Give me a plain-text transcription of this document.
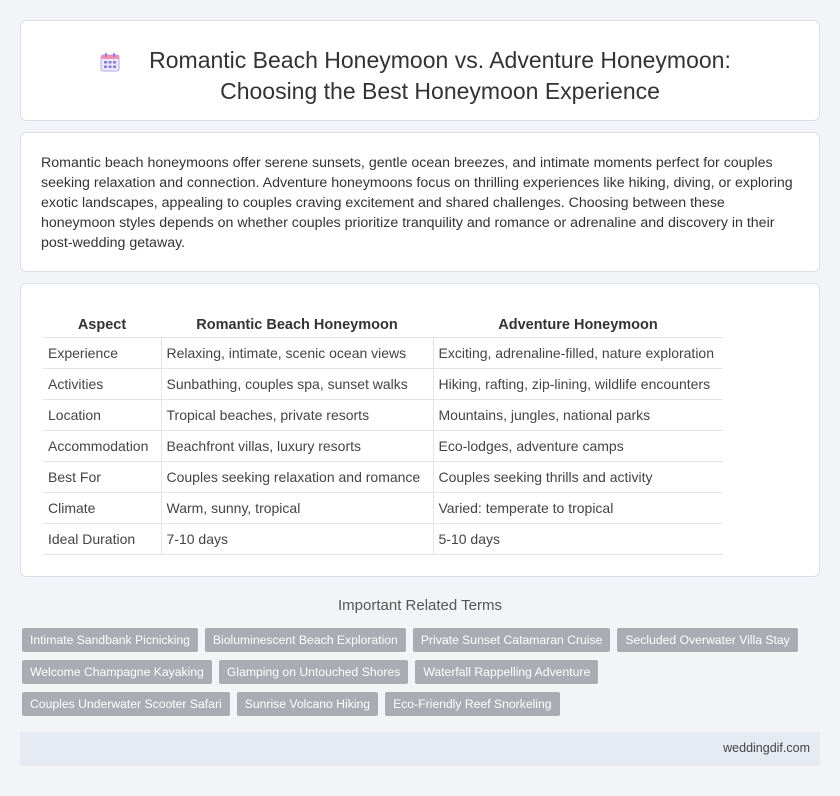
Romantic Beach Honeymoon vs. Adventure Honeymoon:
Choosing the Best Honeymoon Experience

Romantic beach honeymoons offer serene sunsets, gentle ocean breezes, and intimate moments perfect for couples seeking relaxation and connection. Adventure honeymoons focus on thrilling experiences like hiking, diving, or exploring exotic landscapes, appealing to couples craving excitement and shared challenges. Choosing between these honeymoon styles depends on whether couples prioritize tranquility and romance or adrenaline and discovery in their post-wedding getaway.

Aspect	Romantic Beach Honeymoon	Adventure Honeymoon
Experience	Relaxing, intimate, scenic ocean views	Exciting, adrenaline-filled, nature exploration
Activities	Sunbathing, couples spa, sunset walks	Hiking, rafting, zip-lining, wildlife encounters
Location	Tropical beaches, private resorts	Mountains, jungles, national parks
Accommodation	Beachfront villas, luxury resorts	Eco-lodges, adventure camps
Best For	Couples seeking relaxation and romance	Couples seeking thrills and activity
Climate	Warm, sunny, tropical	Varied: temperate to tropical
Ideal Duration	7-10 days	5-10 days
Important Related Terms
Intimate Sandbank Picnicking	Bioluminescent Beach Exploration	Private Sunset Catamaran Cruise	Secluded Overwater Villa Stay
Welcome Champagne Kayaking	Glamping on Untouched Shores	Waterfall Rappelling Adventure
Couples Underwater Scooter Safari	Sunrise Volcano Hiking	Eco-Friendly Reef Snorkeling
weddingdif.com
